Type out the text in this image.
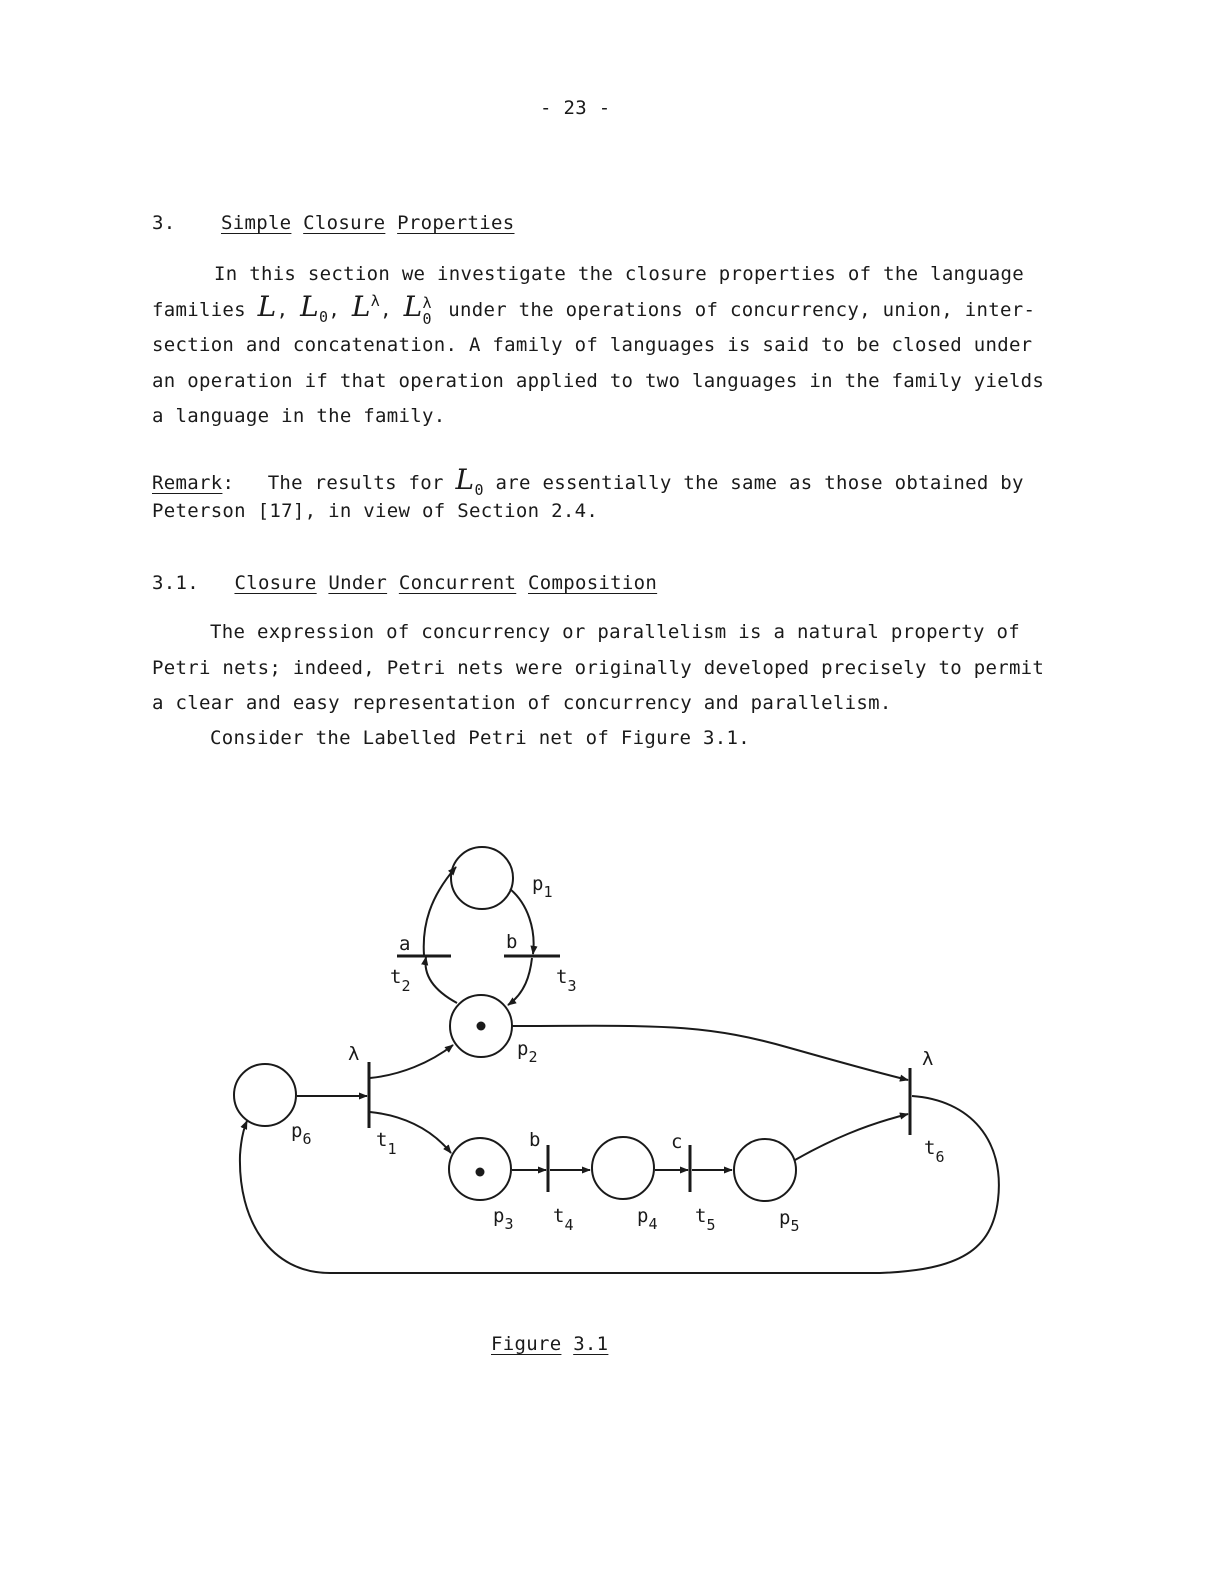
- 23 -
3. Simple Closure Properties
In this section we investigate the closure properties of the language
families L, $L_0$, $L^\lambda$, L λ
0 under the operations of concurrency, union, inter-
section and concatenation. A family of languages is said to be closed under
an operation if that operation applied to two languages in the family yields
a language in the family.
Remark: The results for $L_0$ are essentially the same as those obtained by
Peterson [17], in view of Section 2.4.
3.1. Closure Under Concurrent Composition
The expression of concurrency or parallelism is a natural property of
Petri nets; indeed, Petri nets were originally developed precisely to permit
a clear and easy representation of concurrency and parallelism.
Consider the Labelled Petri net of Figure 3.1.
$p_1$
$p_2$
$p_3$	$p_4$	$p_5$
$p_6$	$t_1$
$t_2$	$t_3$
$t_4$	$t_5$
$t_6$
λ
a	b
b	c
λ
Figure 3.1
